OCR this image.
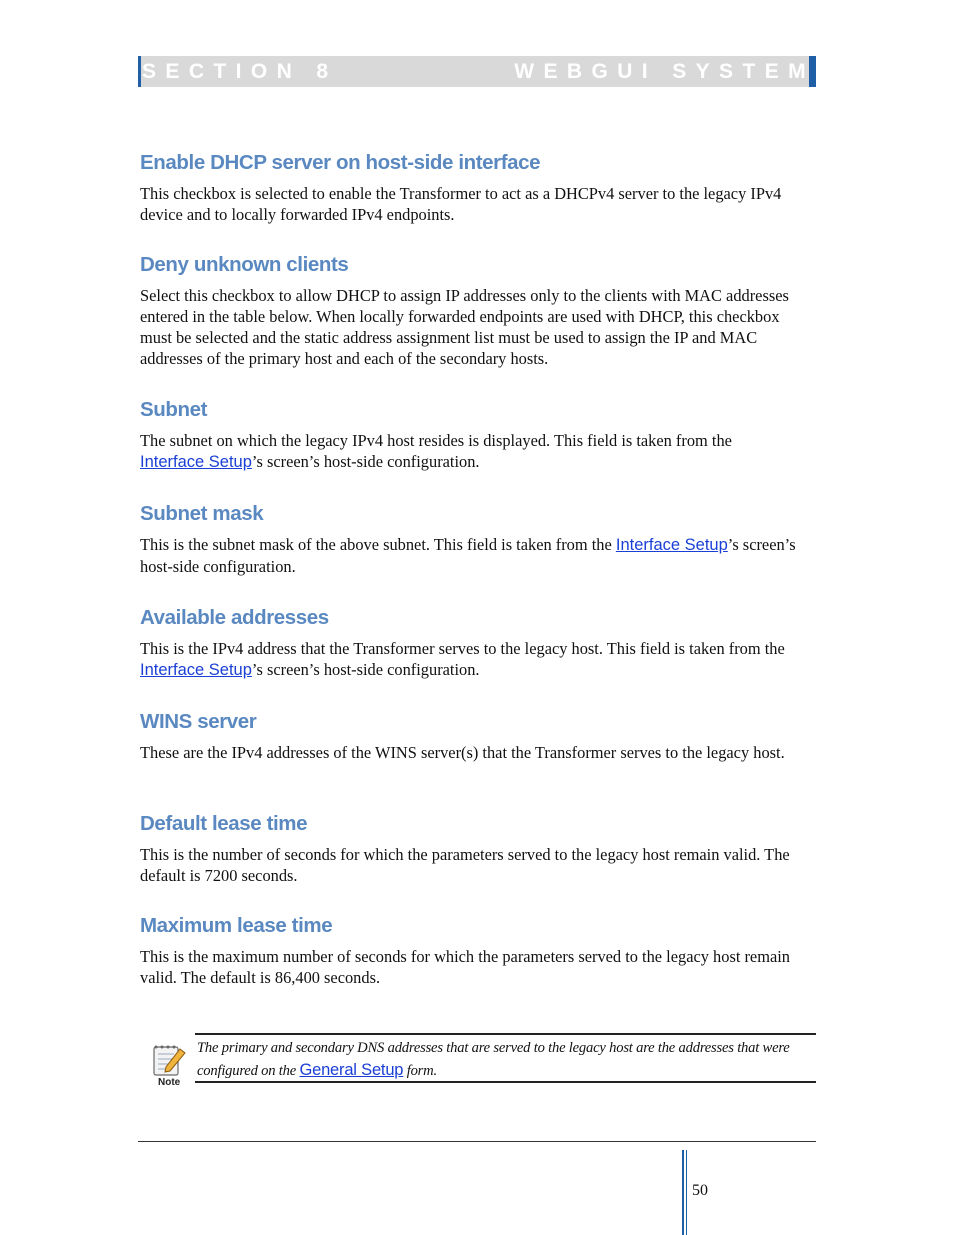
SECTION 8	WEBGUI SYSTEM
Enable DHCP server on host-side interface

This checkbox is selected to enable the Transformer to act as a DHCPv4 server to the legacy IPv4 device and to locally forwarded IPv4 endpoints.

Deny unknown clients

Select this checkbox to allow DHCP to assign IP addresses only to the clients with MAC addresses entered in the table below. When locally forwarded endpoints are used with DHCP, this checkbox must be selected and the static address assignment list must be used to assign the IP and MAC addresses of the primary host and each of the secondary hosts.

Subnet

The subnet on which the legacy IPv4 host resides is displayed. This field is taken from the Interface Setup’s screen’s host-side configuration.

Subnet mask

This is the subnet mask of the above subnet. This field is taken from the Interface Setup’s screen’s host-side configuration.

Available addresses

This is the IPv4 address that the Transformer serves to the legacy host. This field is taken from the Interface Setup’s screen’s host-side configuration.

WINS server

These are the IPv4 addresses of the WINS server(s) that the Transformer serves to the legacy host.

Default lease time

This is the number of seconds for which the parameters served to the legacy host remain valid. The default is 7200 seconds.

Maximum lease time

This is the maximum number of seconds for which the parameters served to the legacy host remain valid. The default is 86,400 seconds.

Note
The primary and secondary DNS addresses that are served to the legacy host are the addresses that were configured on the General Setup form.
50
